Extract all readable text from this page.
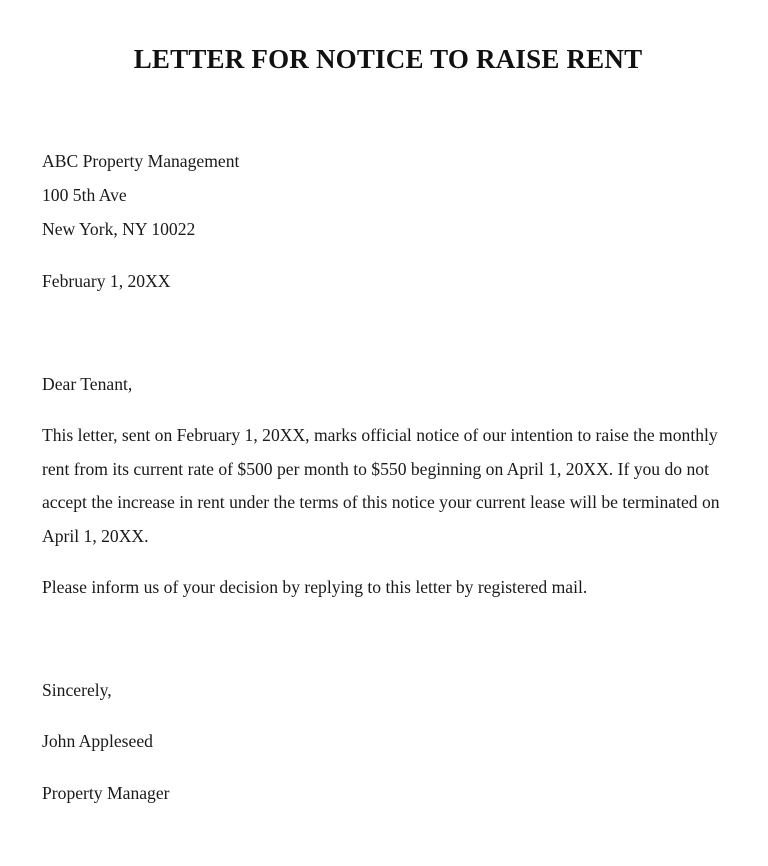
LETTER FOR NOTICE TO RAISE RENT

ABC Property Management

100 5th Ave

New York, NY 10022

February 1, 20XX

Dear Tenant,

This letter, sent on February 1, 20XX, marks official notice of our intention to raise the monthly rent from its current rate of $500 per month to $550 beginning on April 1, 20XX. If you do not accept the increase in rent under the terms of this notice your current lease will be terminated on April 1, 20XX.

Please inform us of your decision by replying to this letter by registered mail.

Sincerely,

John Appleseed

Property Manager
